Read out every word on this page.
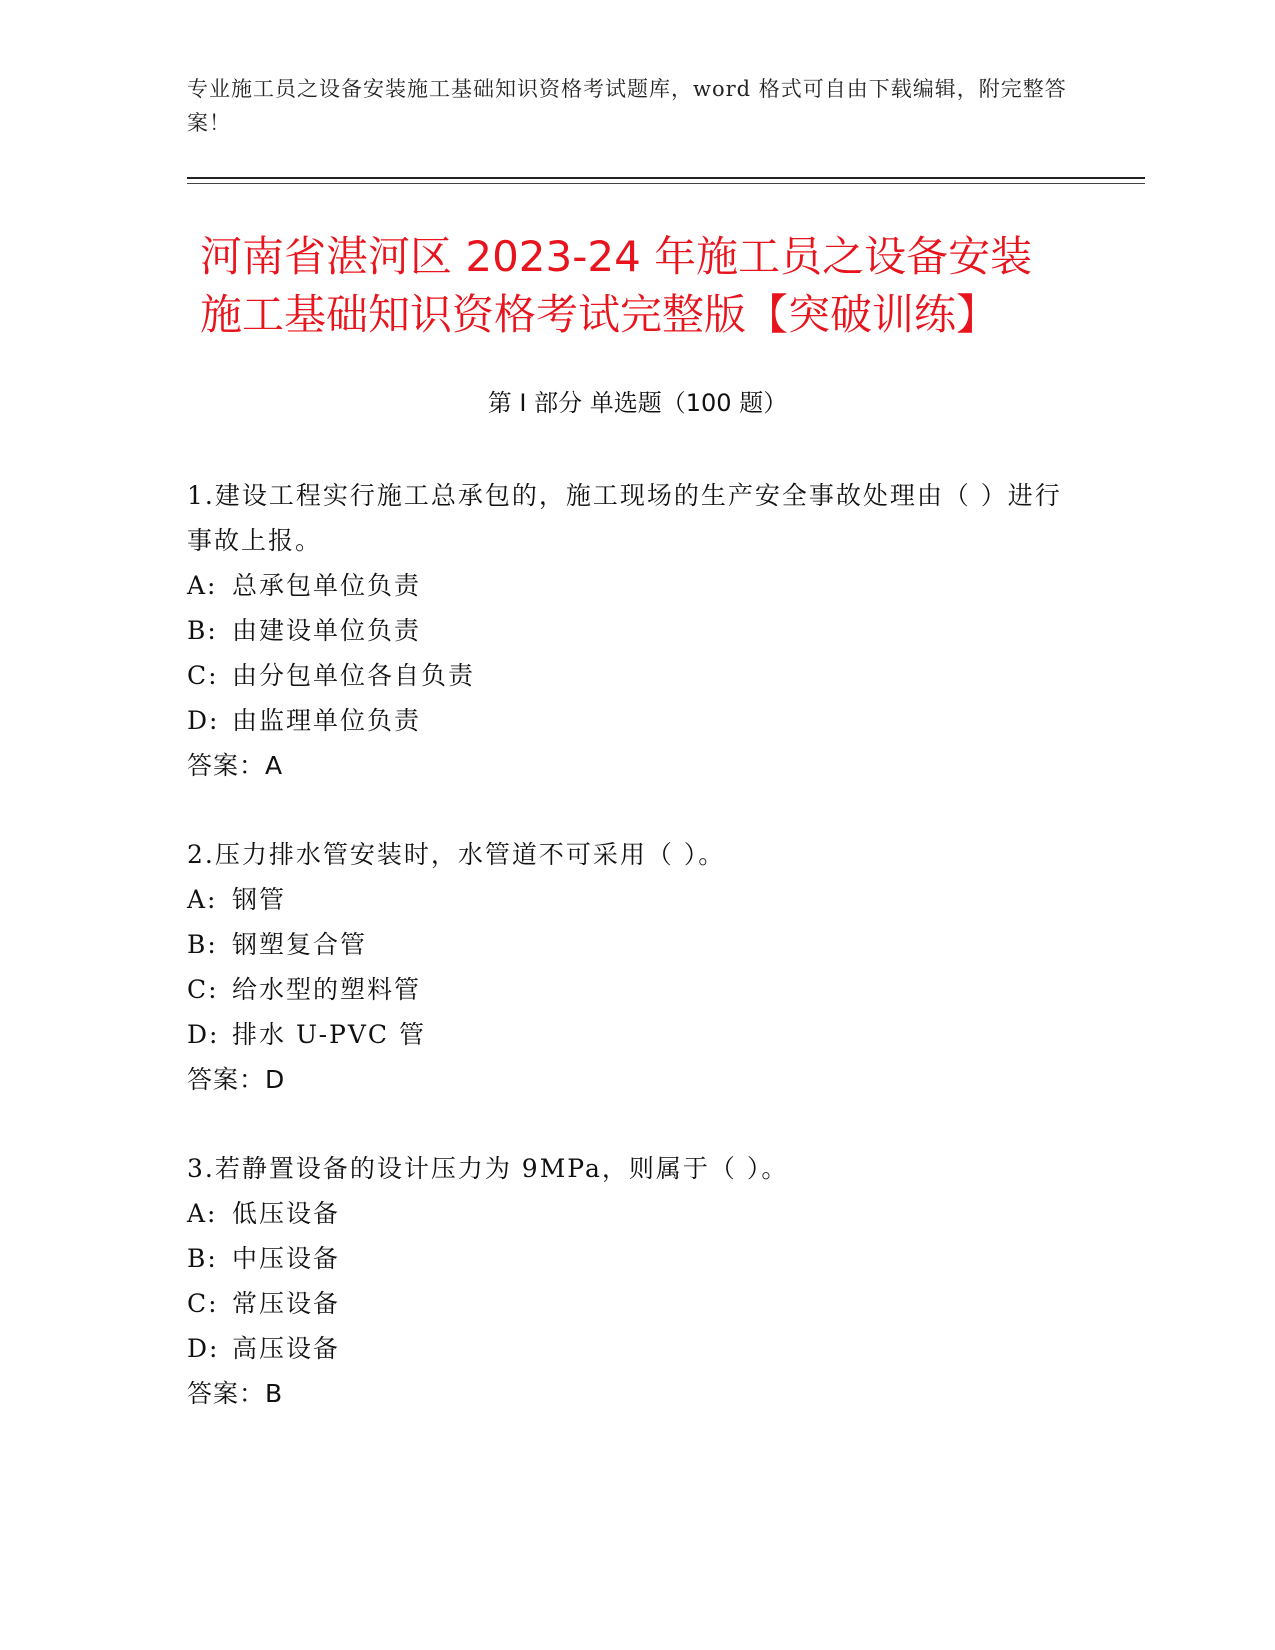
专业施工员之设备安装施工基础知识资格考试题库，word 格式可自由下载编辑，附完整答案！
河南省湛河区 2023-24 年施工员之设备安装
施工基础知识资格考试完整版【突破训练】
第 I 部分 单选题（100 题）
1.建设工程实行施工总承包的，施工现场的生产安全事故处理由（ ）进行事故上报。
A: 总承包单位负责
B: 由建设单位负责
C: 由分包单位各自负责
D: 由监理单位负责
答案：A
2.压力排水管安装时，水管道不可采用（ ）。
A: 钢管
B: 钢塑复合管
C: 给水型的塑料管
D: 排水 U-PVC 管
答案：D
3.若静置设备的设计压力为 9MPa，则属于（ ）。
A: 低压设备
B: 中压设备
C: 常压设备
D: 高压设备
答案：B
